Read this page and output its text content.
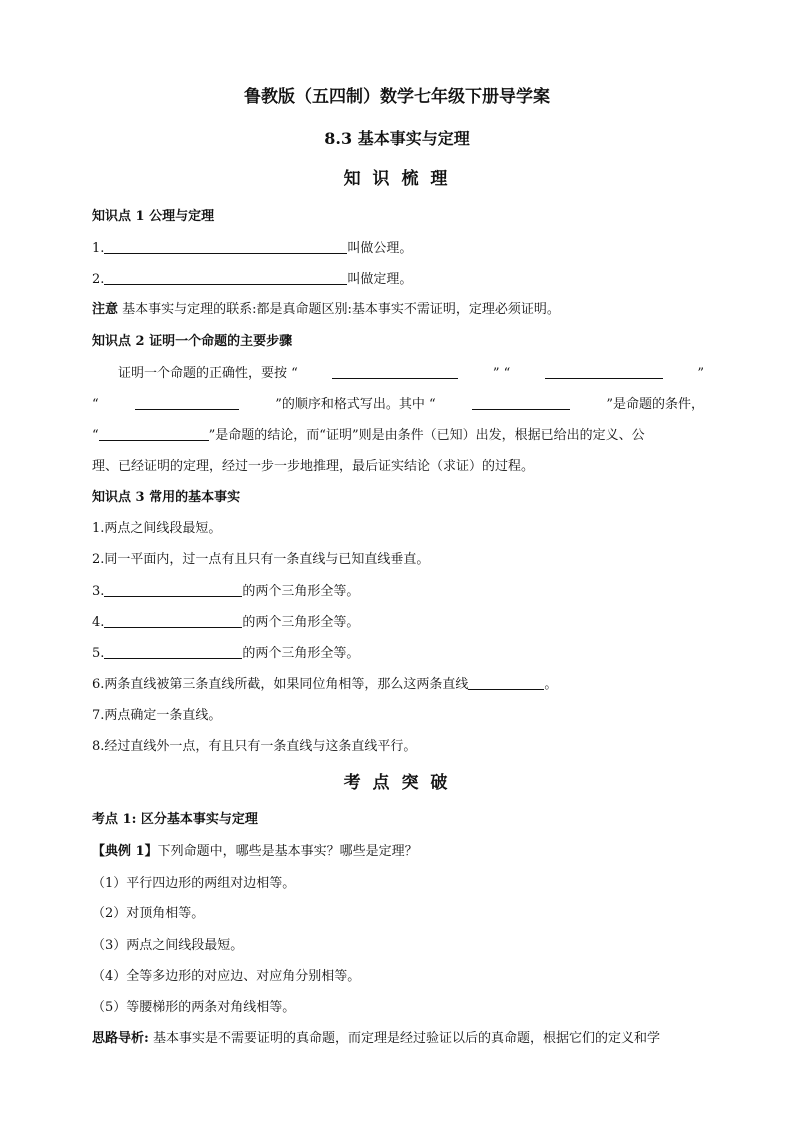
鲁教版（五四制）数学七年级下册导学案
8.3 基本事实与定理
知 识 梳 理
知识点 1 公理与定理
1.	叫做公理。
2.	叫做定理。
注意 基本事实与定理的联系:都是真命题区别:基本事实不需证明，定理必须证明。
知识点 2 证明一个命题的主要步骤
证明一个命题的正确性，要按 “	” “	”
“	”的顺序和格式写出。其中 “	”是命题的条件，
“	”是命题的结论，而“证明”则是由条件（已知）出发，根据已给出的定义、公
理、已经证明的定理，经过一步一步地推理，最后证实结论（求证）的过程。
知识点 3 常用的基本事实
1.两点之间线段最短。
2.同一平面内，过一点有且只有一条直线与已知直线垂直。
3.	的两个三角形全等。
4.	的两个三角形全等。
5.	的两个三角形全等。
6.两条直线被第三条直线所截，如果同位角相等，那么这两条直线	。
7.两点确定一条直线。
8.经过直线外一点，有且只有一条直线与这条直线平行。
考 点 突 破
考点 1: 区分基本事实与定理
【典例 1】下列命题中，哪些是基本事实？哪些是定理？
（1）平行四边形的两组对边相等。
（2）对顶角相等。
（3）两点之间线段最短。
（4）全等多边形的对应边、对应角分别相等。
（5）等腰梯形的两条对角线相等。
思路导析: 基本事实是不需要证明的真命题，而定理是经过验证以后的真命题，根据它们的定义和学
